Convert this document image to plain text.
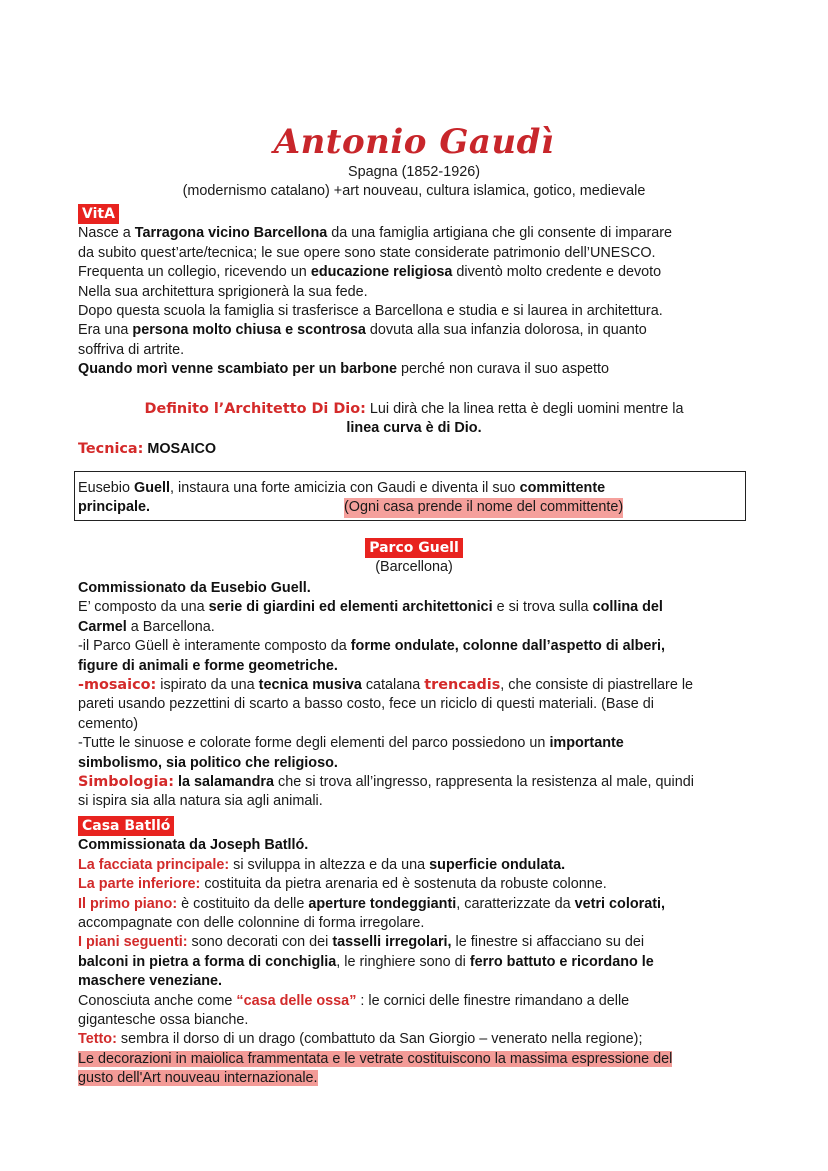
Antonio Gaudì
Spagna (1852-1926)
(modernismo catalano) +art nouveau, cultura islamica, gotico, medievale
VitA
Nasce a Tarragona vicino Barcellona da una famiglia artigiana che gli consente di imparare
da subito quest’arte/tecnica; le sue opere sono state considerate patrimonio dell’UNESCO.
Frequenta un collegio, ricevendo un educazione religiosa diventò molto credente e devoto
Nella sua architettura sprigionerà la sua fede.
Dopo questa scuola la famiglia si trasferisce a Barcellona e studia e si laurea in architettura.
Era una persona molto chiusa e scontrosa dovuta alla sua infanzia dolorosa, in quanto
soffriva di artrite.
Quando morì venne scambiato per un barbone perché non curava il suo aspetto
Definito l’Architetto Di Dio: Lui dirà che la linea retta è degli uomini mentre la
linea curva è di Dio.
Tecnica: MOSAICO
Eusebio Guell, instaura una forte amicizia con Gaudi e diventa il suo committente
principale.	(Ogni casa prende il nome del committente)
Parco Guell
(Barcellona)
Commissionato da Eusebio Guell.
E’ composto da una serie di giardini ed elementi architettonici e si trova sulla collina del
Carmel a Barcellona.
-il Parco Güell è interamente composto da forme ondulate, colonne dall’aspetto di alberi,
figure di animali e forme geometriche.
-mosaico: ispirato da una tecnica musiva catalana trencadis, che consiste di piastrellare le
pareti usando pezzettini di scarto a basso costo, fece un riciclo di questi materiali. (Base di
cemento)
-Tutte le sinuose e colorate forme degli elementi del parco possiedono un importante
simbolismo, sia politico che religioso.
Simbologia: la salamandra che si trova all’ingresso, rappresenta la resistenza al male, quindi
si ispira sia alla natura sia agli animali.
Casa Batlló
Commissionata da Joseph Batlló.
La facciata principale: si sviluppa in altezza e da una superficie ondulata.
La parte inferiore: costituita da pietra arenaria ed è sostenuta da robuste colonne.
Il primo piano: è costituito da delle aperture tondeggianti, caratterizzate da vetri colorati,
accompagnate con delle colonnine di forma irregolare.
I piani seguenti: sono decorati con dei tasselli irregolari, le finestre si affacciano su dei
balconi in pietra a forma di conchiglia, le ringhiere sono di ferro battuto e ricordano le
maschere veneziane.
Conosciuta anche come “casa delle ossa” : le cornici delle finestre rimandano a delle
gigantesche ossa bianche.
Tetto: sembra il dorso di un drago (combattuto da San Giorgio – venerato nella regione);
Le decorazioni in maiolica frammentata e le vetrate costituiscono la massima espressione del
gusto dell'Art nouveau internazionale.
